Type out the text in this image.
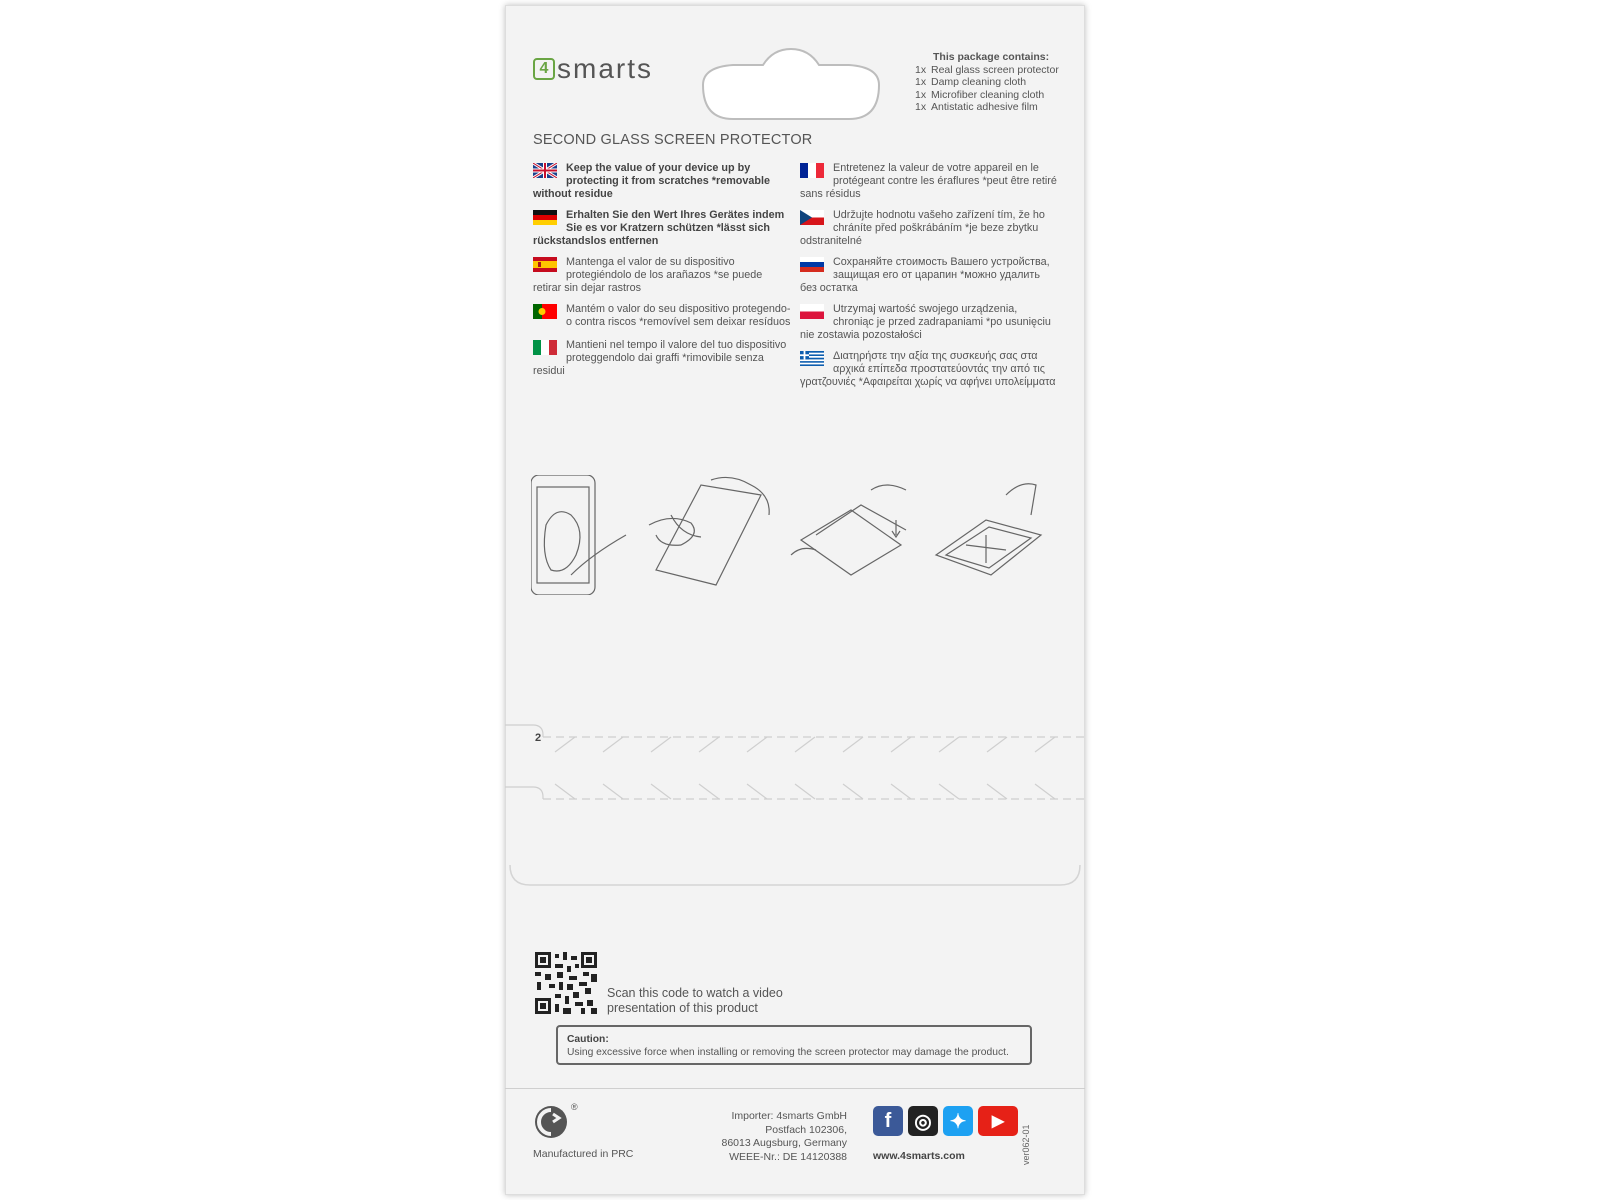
4 smarts	This package contains:
1x Real glass screen protector
1x Damp cleaning cloth
1x Microfiber cleaning cloth
1x Antistatic adhesive film
SECOND GLASS SCREEN PROTECTOR
Keep the value of your device up by protecting it from scratches *removable without residue
Erhalten Sie den Wert Ihres Gerätes indem Sie es vor Kratzern schützen *lässt sich rückstandslos entfernen
Mantenga el valor de su dispositivo protegiéndolo de los arañazos *se puede retirar sin dejar rastros
Mantém o valor do seu dispositivo protegendo-o contra riscos *removível sem deixar resíduos
Mantieni nel tempo il valore del tuo dispositivo proteggendolo dai graffi *rimovibile senza residui
Entretenez la valeur de votre appareil en le protégeant contre les éraflures *peut être retiré sans résidus
Udržujte hodnotu vašeho zařízení tím, že ho chráníte před poškrábáním *je beze zbytku odstranitelné
Сохраняйте стоимость Вашего устройства, защищая его от царапин *можно удалить без остатка
Utrzymaj wartość swojego urządzenia, chroniąc je przed zadrapaniami *po usunięciu nie zostawia pozostałości
Διατηρήστε την αξία της συσκευής σας στα αρχικά επίπεδα προστατεύοντάς την από τις γρατζουνιές *Αφαιρείται χωρίς να αφήνει υπολείμματα
2
Scan this code to watch a video presentation of this product
Caution:
Using excessive force when installing or removing the screen protector may damage the product.
®
Manufactured in PRC
Importer: 4smarts GmbH
Postfach 102306,
86013 Augsburg, Germany
WEEE-Nr.: DE 14120388
f	◎ ✦	▶
www.4smarts.com	ver062-01
